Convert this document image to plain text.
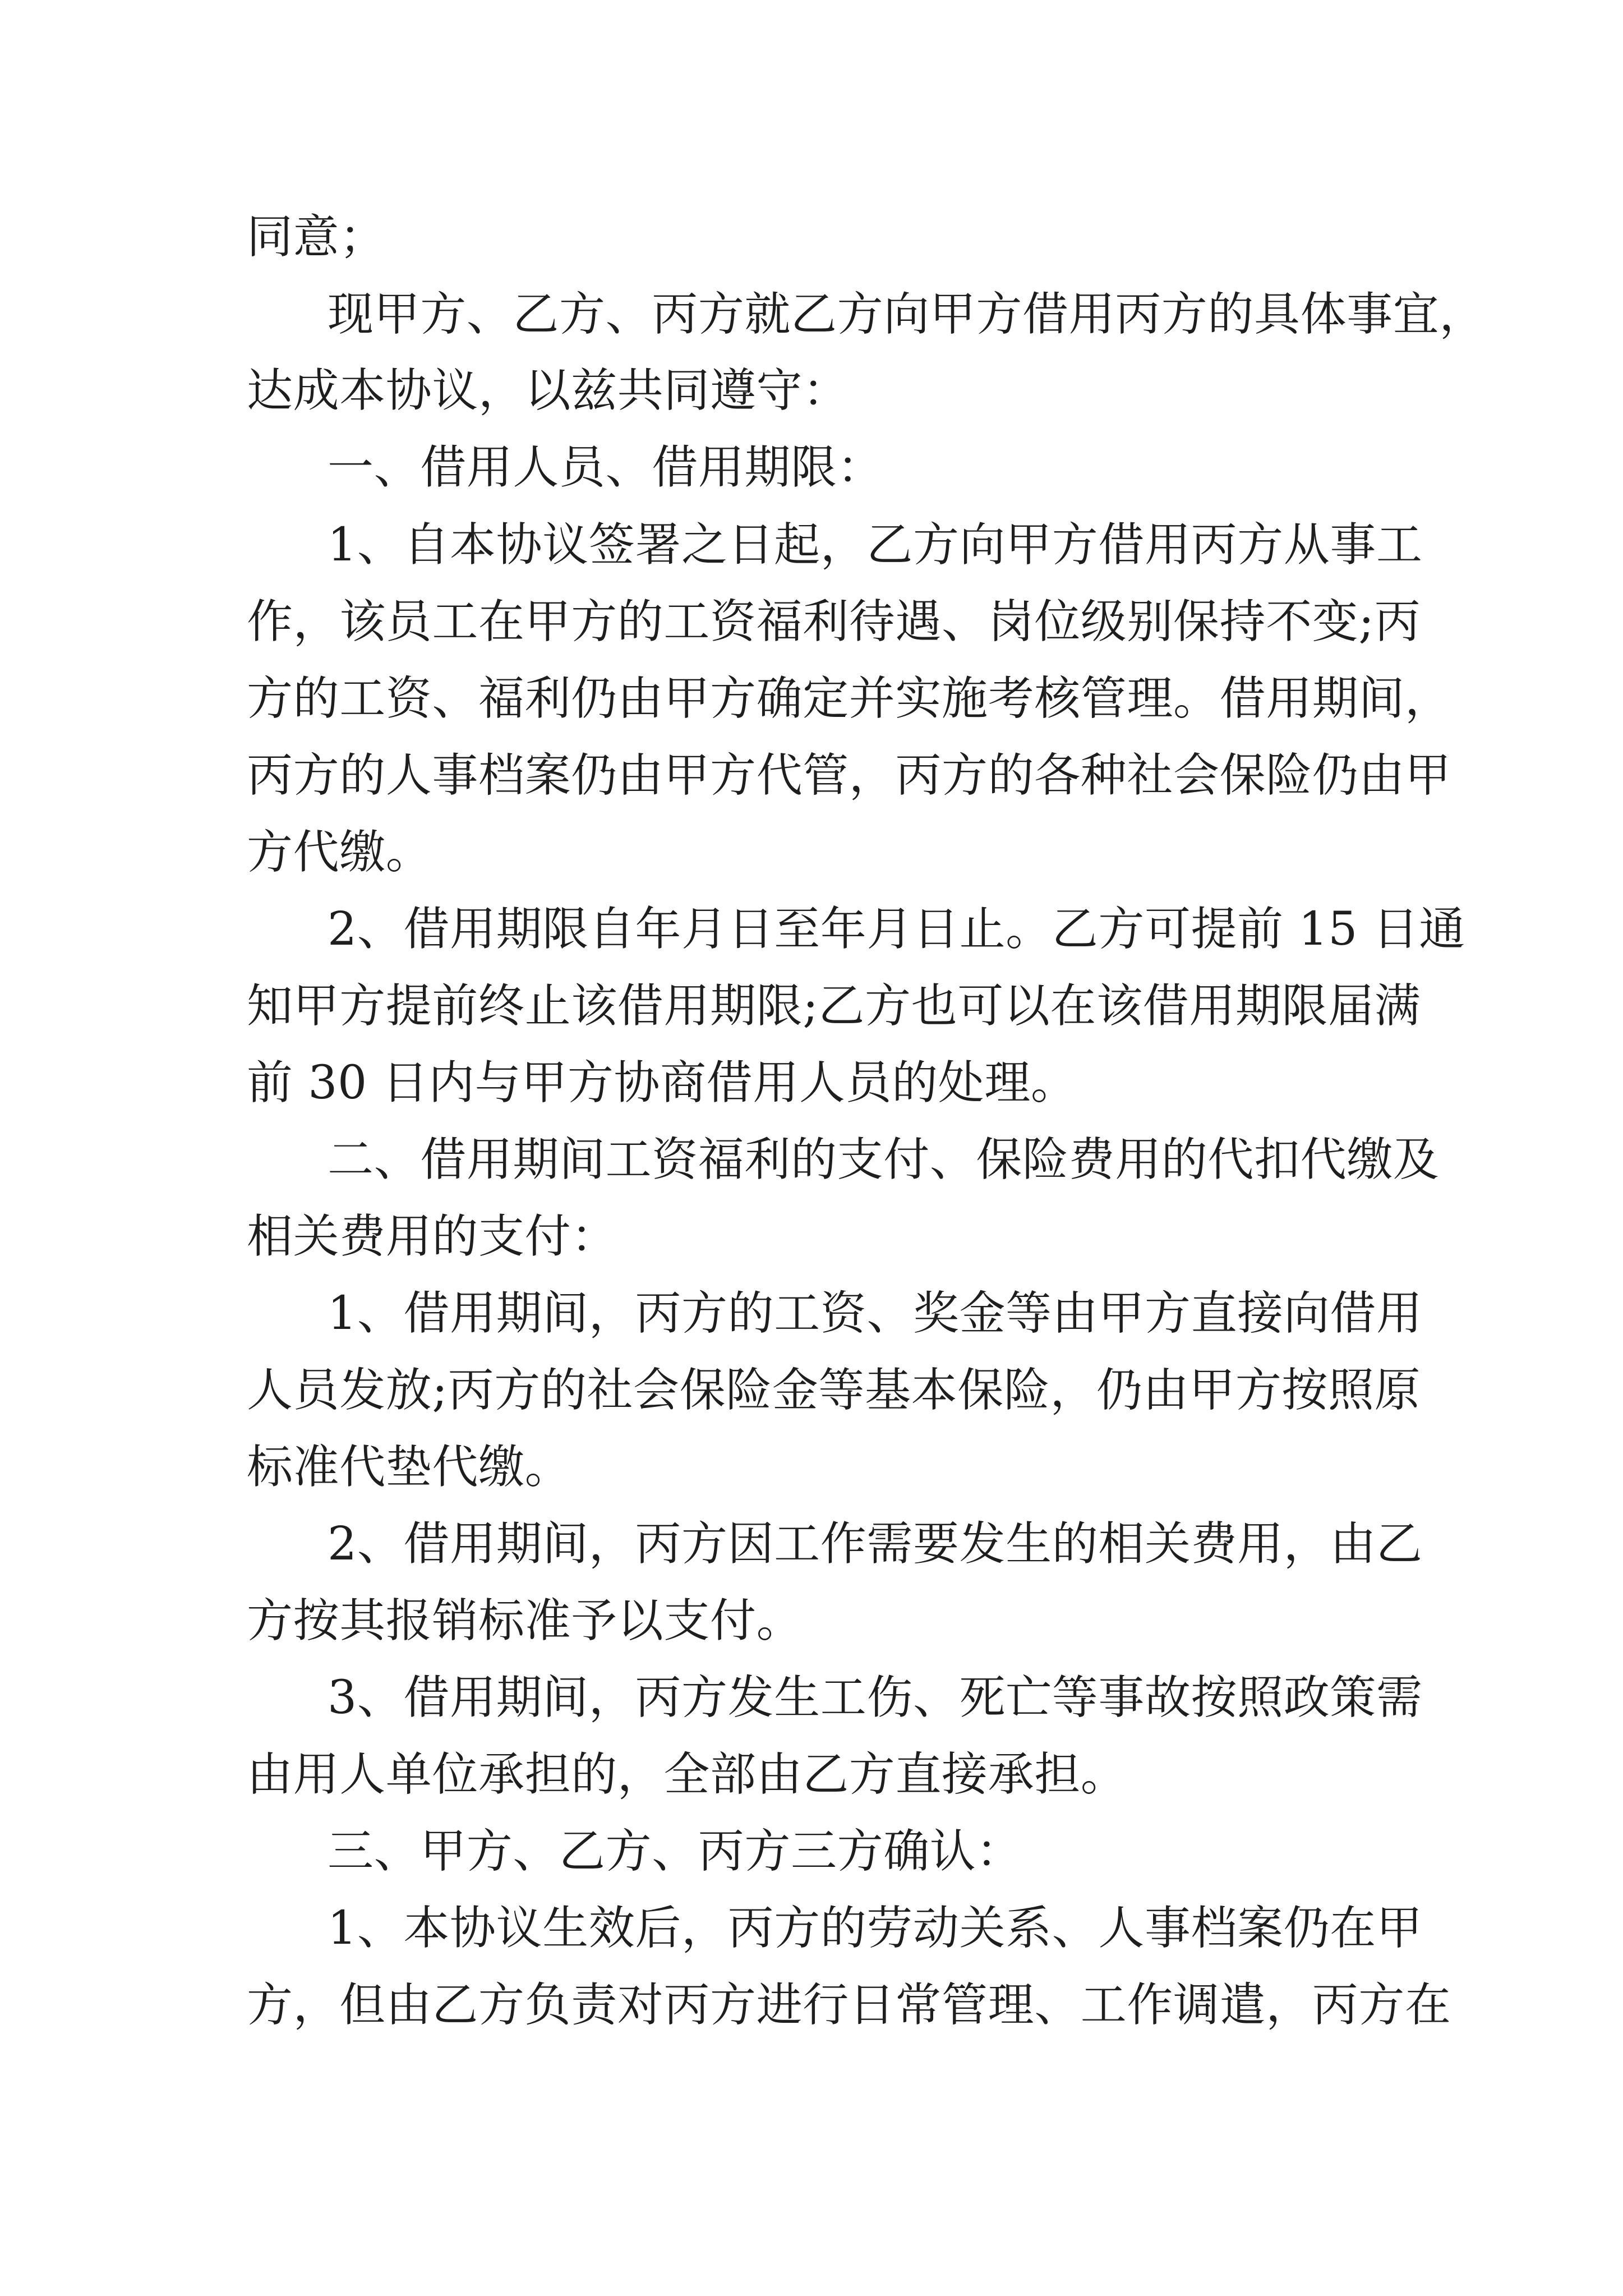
同意；

现甲方、乙方、丙方就乙方向甲方借用丙方的具体事宜，

达成本协议，以兹共同遵守：

一、借用人员、借用期限：

1、自本协议签署之日起，乙方向甲方借用丙方从事工

作，该员工在甲方的工资福利待遇、岗位级别保持不变;丙

方的工资、福利仍由甲方确定并实施考核管理。借用期间，

丙方的人事档案仍由甲方代管，丙方的各种社会保险仍由甲

方代缴。

2、借用期限自年月日至年月日止。乙方可提前 15 日通

知甲方提前终止该借用期限;乙方也可以在该借用期限届满

前 30 日内与甲方协商借用人员的处理。

二、借用期间工资福利的支付、保险费用的代扣代缴及

相关费用的支付：

1、借用期间，丙方的工资、奖金等由甲方直接向借用

人员发放;丙方的社会保险金等基本保险，仍由甲方按照原

标准代垫代缴。

2、借用期间，丙方因工作需要发生的相关费用，由乙

方按其报销标准予以支付。

3、借用期间，丙方发生工伤、死亡等事故按照政策需

由用人单位承担的，全部由乙方直接承担。

三、甲方、乙方、丙方三方确认：

1、本协议生效后，丙方的劳动关系、人事档案仍在甲

方，但由乙方负责对丙方进行日常管理、工作调遣，丙方在
